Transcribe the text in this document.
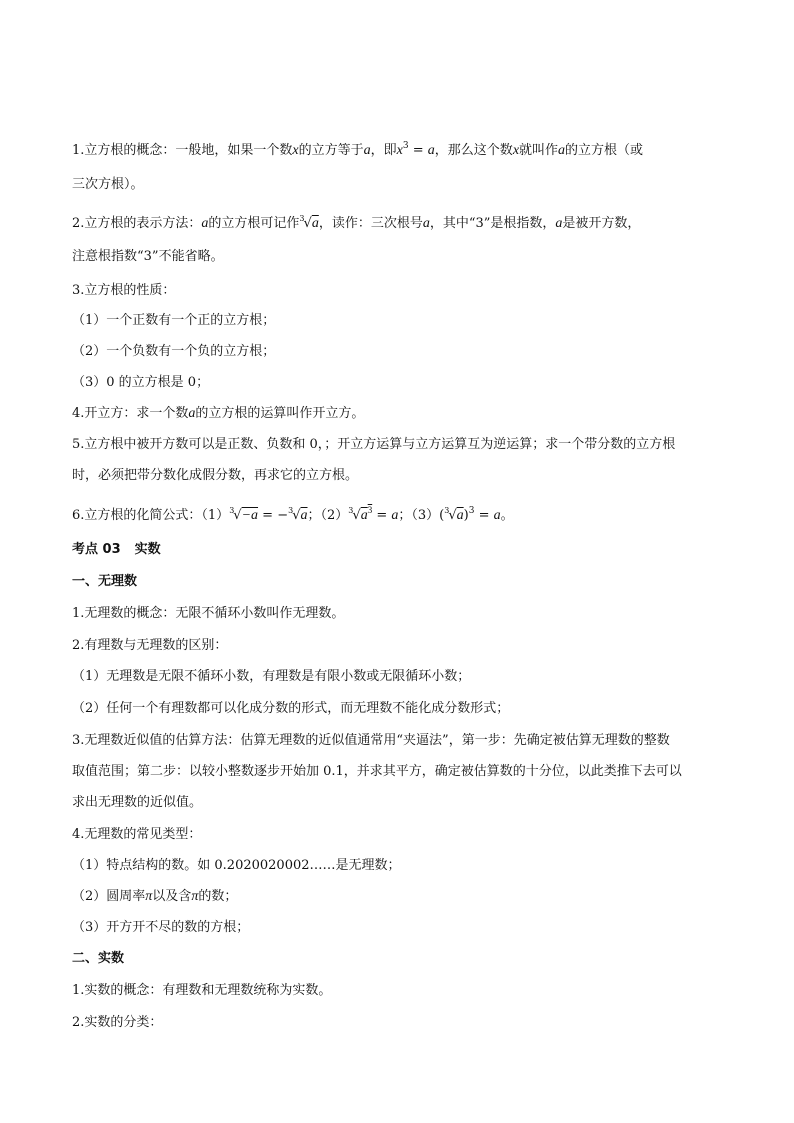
1.立方根的概念：一般地，如果一个数x的立方等于a，即$x^3 = a$，那么这个数x就叫作a的立方根（或
三次方根）。
2.立方根的表示方法：a的立方根可记作$^3$√a，读作：三次根号a，其中“3”是根指数，a是被开方数，
注意根指数“3”不能省略。
3.立方根的性质：
（1）一个正数有一个正的立方根；
（2）一个负数有一个负的立方根；
（3）0 的立方根是 0；
4.开立方：求一个数a的立方根的运算叫作开立方。
5.立方根中被开方数可以是正数、负数和 0，；开立方运算与立方运算互为逆运算；求一个带分数的立方根
时，必须把带分数化成假分数，再求它的立方根。
6.立方根的化简公式：$(1)^3√-a = -^3√a$；$(2)^3√a^3 = a$；$(3)(^3√a)^3 = a$。
考点 03 实数
一、无理数
1.无理数的概念：无限不循环小数叫作无理数。
2.有理数与无理数的区别：
（1）无理数是无限不循环小数，有理数是有限小数或无限循环小数；
（2）任何一个有理数都可以化成分数的形式，而无理数不能化成分数形式；
3.无理数近似值的估算方法：估算无理数的近似值通常用“夹逼法”，第一步：先确定被估算无理数的整数
取值范围；第二步：以较小整数逐步开始加 0.1，并求其平方，确定被估算数的十分位，以此类推下去可以
求出无理数的近似值。
4.无理数的常见类型：
（1）特点结构的数。如 0.2020020002……是无理数；
（2）圆周率π以及含π的数；
（3）开方开不尽的数的方根；
二、实数
1.实数的概念：有理数和无理数统称为实数。
2.实数的分类：
